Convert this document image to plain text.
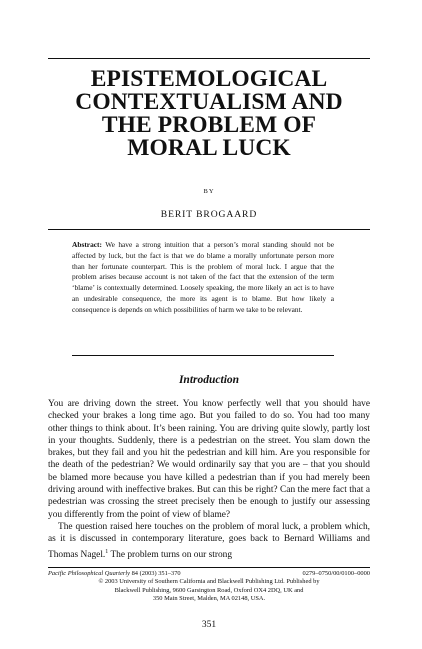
EPISTEMOLOGICAL
CONTEXTUALISM AND
THE PROBLEM OF
MORAL LUCK
BY
BERIT BROGAARD

Abstract: We have a strong intuition that a person’s moral standing should not be affected by luck, but the fact is that we do blame a morally unfortunate person more than her fortunate counterpart. This is the problem of moral luck. I argue that the problem arises because account is not taken of the fact that the extension of the term ‘blame’ is contextually determined. Loosely speaking, the more likely an act is to have an undesirable consequence, the more its agent is to blame. But how likely a consequence is depends on which possibilities of harm we take to be relevant.

Introduction

You are driving down the street. You know perfectly well that you should have checked your brakes a long time ago. But you failed to do so. You had too many other things to think about. It’s been raining. You are driving quite slowly, partly lost in your thoughts. Suddenly, there is a pedestrian on the street. You slam down the brakes, but they fail and you hit the pedestrian and kill him. Are you responsible for the death of the pedestrian? We would ordinarily say that you are – that you should be blamed more because you have killed a pedestrian than if you had merely been driving around with ineffective brakes. But can this be right? Can the mere fact that a pedestrian was crossing the street precisely then be enough to justify our assessing you differently from the point of view of blame?

The question raised here touches on the problem of moral luck, a problem which, as it is discussed in contemporary literature, goes back to Bernard Williams and Thomas Nagel.$^1$ The problem turns on our strong

Pacific Philosophical Quarterly 84 (2003) 351–370	0279–0750/00/0100–0000
© 2003 University of Southern California and Blackwell Publishing Ltd. Published by
Blackwell Publishing, 9600 Garsington Road, Oxford OX4 2DQ, UK and
350 Main Street, Malden, MA 02148, USA.
351
